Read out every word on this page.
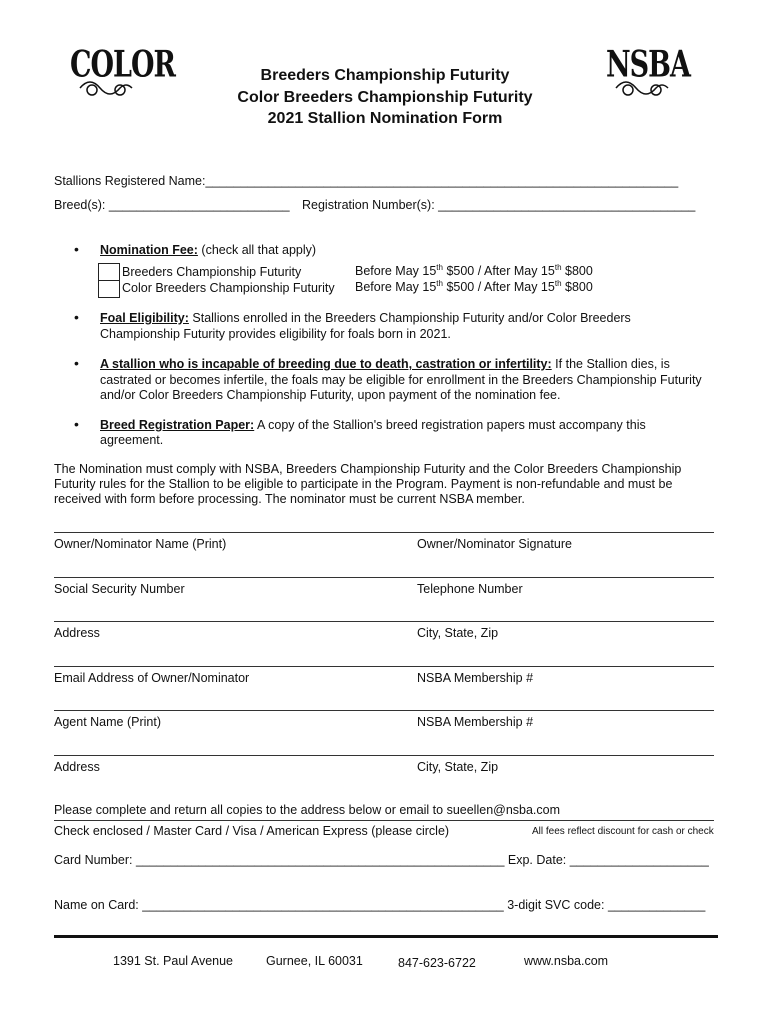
COLOR	NSBA
Breeders Championship Futurity
Color Breeders Championship Futurity
2021 Stallion Nomination Form
Stallions Registered Name:____________________________________________________________________
Breed(s): __________________________ Registration Number(s): _____________________________________
• Nomination Fee: (check all that apply)
Breeders Championship Futurity	Before May 15th $500 / After May 15th $800
Color Breeders Championship Futurity Before May 15th $500 / After May 15th $800
• Foal Eligibility: Stallions enrolled in the Breeders Championship Futurity and/or Color Breeders
Championship Futurity provides eligibility for foals born in 2021.
• A stallion who is incapable of breeding due to death, castration or infertility: If the Stallion dies, is
castrated or becomes infertile, the foals may be eligible for enrollment in the Breeders Championship Futurity
and/or Color Breeders Championship Futurity, upon payment of the nomination fee.
• Breed Registration Paper: A copy of the Stallion's breed registration papers must accompany this
agreement.
The Nomination must comply with NSBA, Breeders Championship Futurity and the Color Breeders Championship
Futurity rules for the Stallion to be eligible to participate in the Program. Payment is non-refundable and must be
received with form before processing. The nominator must be current NSBA member.
Owner/Nominator Name (Print)	Owner/Nominator Signature
Social Security Number	Telephone Number
Address	City, State, Zip
Email Address of Owner/Nominator	NSBA Membership #
Agent Name (Print)	NSBA Membership #
Address	City, State, Zip
Please complete and return all copies to the address below or email to sueellen@nsba.com
Check enclosed / Master Card / Visa / American Express (please circle)	All fees reflect discount for cash or check
Card Number: _____________________________________________________ Exp. Date: ____________________
Name on Card: ____________________________________________________ 3-digit SVC code: ______________
1391 St. Paul Avenue	Gurnee, IL 60031	847-623-6722	www.nsba.com
